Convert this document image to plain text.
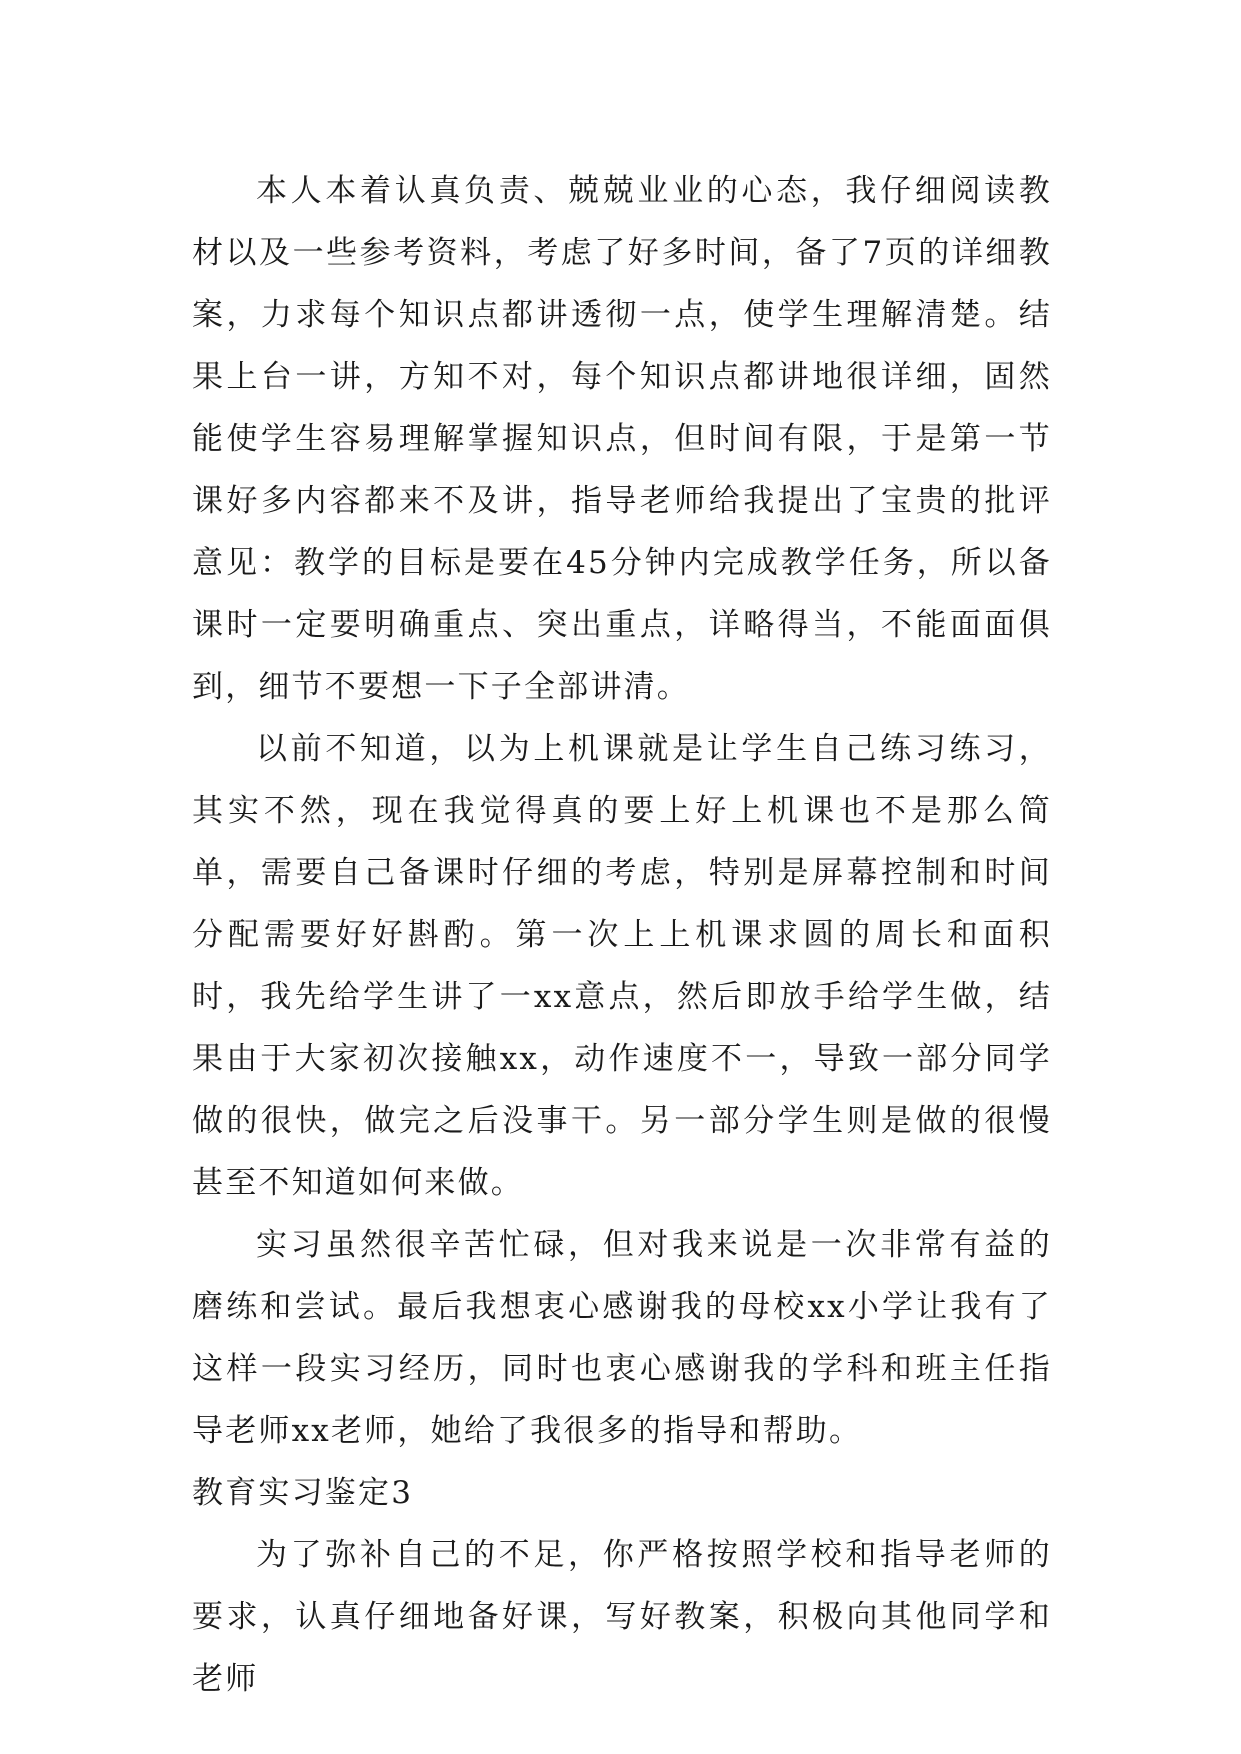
本人本着认真负责、兢兢业业的心态，我仔细阅读教材以及一些参考资料，考虑了好多时间，备了7页的详细教案，力求每个知识点都讲透彻一点，使学生理解清楚。结果上台一讲，方知不对，每个知识点都讲地很详细，固然能使学生容易理解掌握知识点，但时间有限，于是第一节课好多内容都来不及讲，指导老师给我提出了宝贵的批评意见：教学的目标是要在45分钟内完成教学任务，所以备课时一定要明确重点、突出重点，详略得当，不能面面俱到，细节不要想一下子全部讲清。

以前不知道，以为上机课就是让学生自己练习练习，其实不然，现在我觉得真的要上好上机课也不是那么简单，需要自己备课时仔细的考虑，特别是屏幕控制和时间分配需要好好斟酌。第一次上上机课求圆的周长和面积时，我先给学生讲了一xx意点，然后即放手给学生做，结果由于大家初次接触xx，动作速度不一，导致一部分同学做的很快，做完之后没事干。另一部分学生则是做的很慢甚至不知道如何来做。

实习虽然很辛苦忙碌，但对我来说是一次非常有益的磨练和尝试。最后我想衷心感谢我的母校xx小学让我有了这样一段实习经历，同时也衷心感谢我的学科和班主任指导老师xx老师，她给了我很多的指导和帮助。

教育实习鉴定3

为了弥补自己的不足，你严格按照学校和指导老师的要求，认真仔细地备好课，写好教案，积极向其他同学和老师
